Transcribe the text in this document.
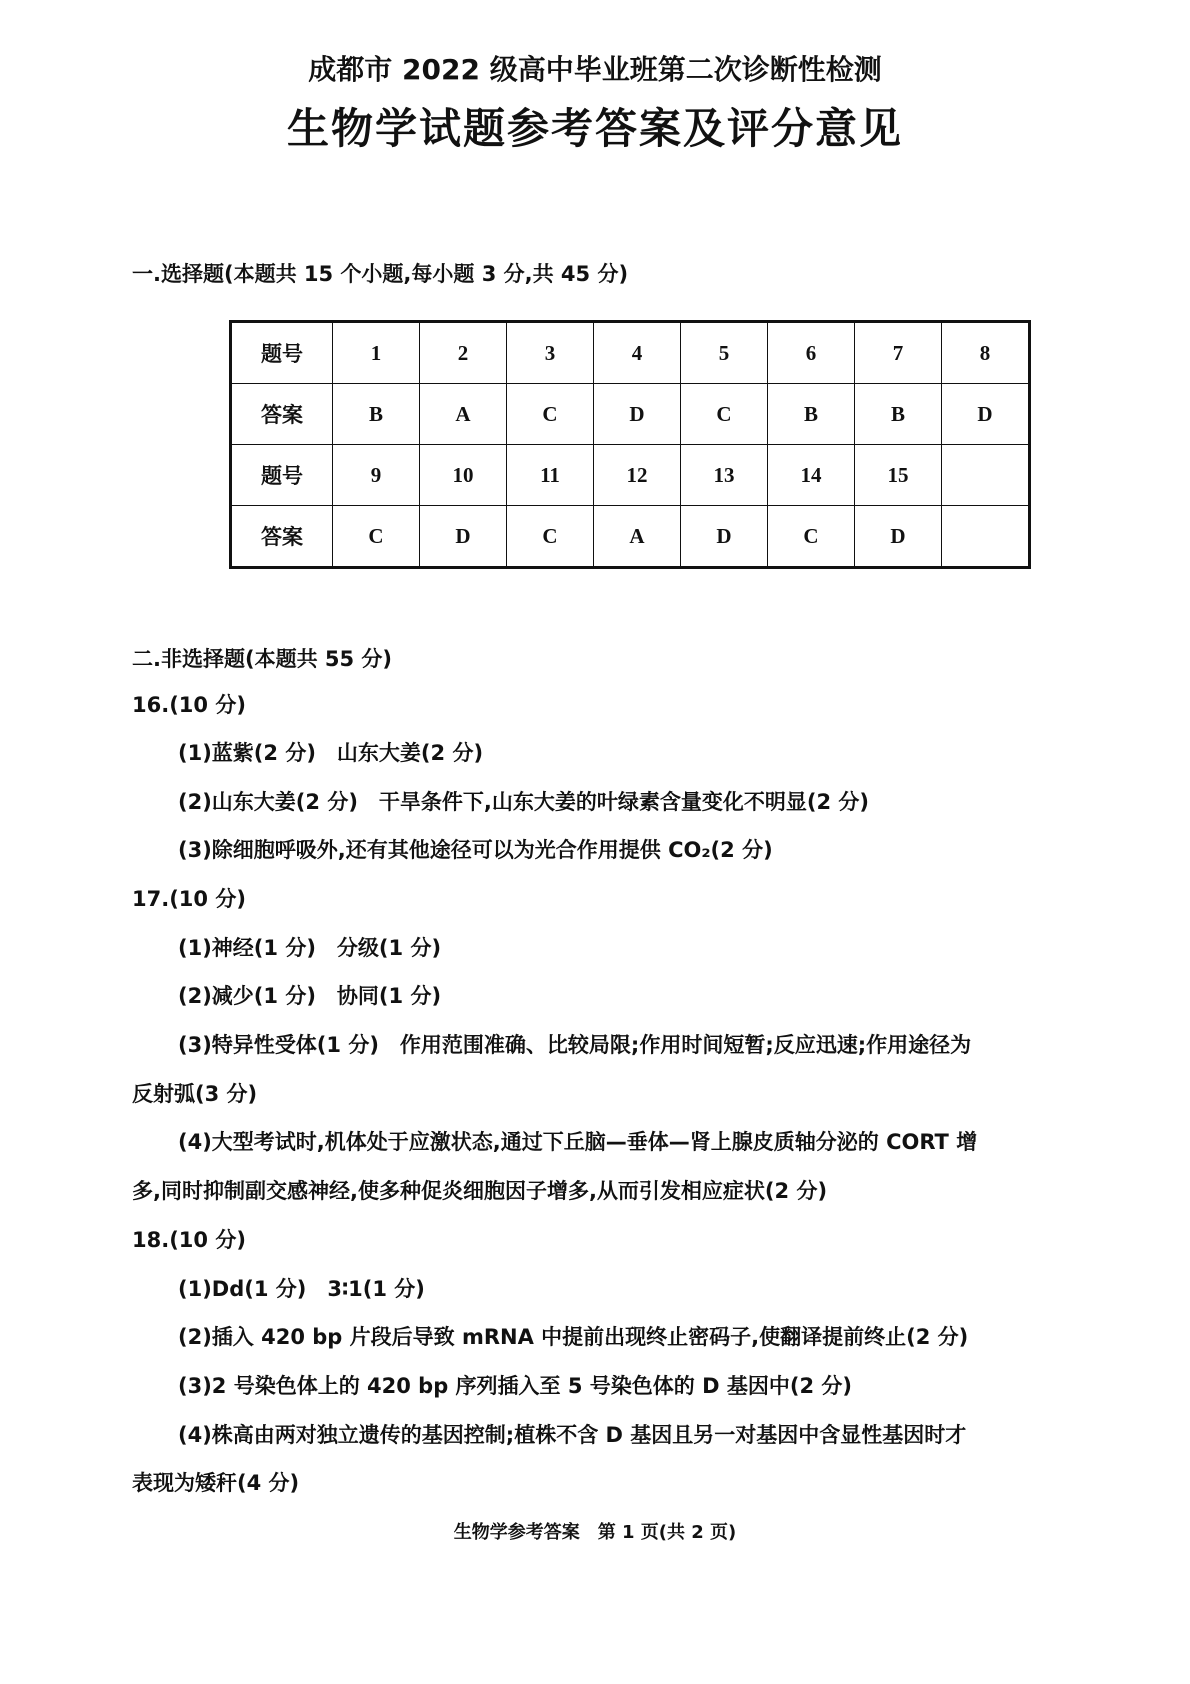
成都市 2022 级高中毕业班第二次诊断性检测
生物学试题参考答案及评分意见
一.选择题(本题共 15 个小题,每小题 3 分,共 45 分)
题号	1	2	3	4	5	6	7	8
答案	B	A	C	D	C	B	B	D
题号	9	10	11	12	13	14	15	
答案	C	D	C	A	D	C	D	
二.非选择题(本题共 55 分)
16.(10 分)
(1)蓝紫(2 分)　山东大姜(2 分)
(2)山东大姜(2 分)　干旱条件下,山东大姜的叶绿素含量变化不明显(2 分)
(3)除细胞呼吸外,还有其他途径可以为光合作用提供 CO₂(2 分)
17.(10 分)
(1)神经(1 分)　分级(1 分)
(2)减少(1 分)　协同(1 分)
(3)特异性受体(1 分)　作用范围准确、比较局限;作用时间短暂;反应迅速;作用途径为
反射弧(3 分)
(4)大型考试时,机体处于应激状态,通过下丘脑—垂体—肾上腺皮质轴分泌的 CORT 增
多,同时抑制副交感神经,使多种促炎细胞因子增多,从而引发相应症状(2 分)
18.(10 分)
(1)Dd(1 分)　3∶1(1 分)
(2)插入 420 bp 片段后导致 mRNA 中提前出现终止密码子,使翻译提前终止(2 分)
(3)2 号染色体上的 420 bp 序列插入至 5 号染色体的 D 基因中(2 分)
(4)株高由两对独立遗传的基因控制;植株不含 D 基因且另一对基因中含显性基因时才
表现为矮秆(4 分)
生物学参考答案　第 1 页(共 2 页)
